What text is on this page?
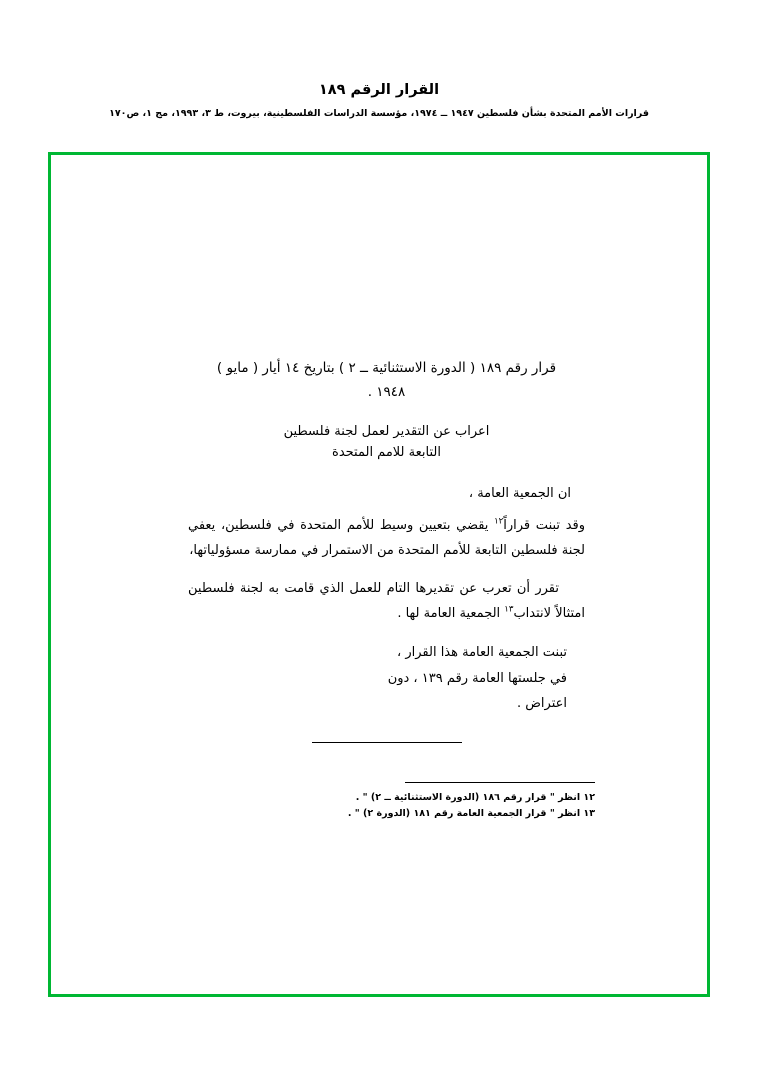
القرار الرقم ١٨٩
قرارات الأمم المتحدة بشأن فلسطين ١٩٤٧ ــ ١٩٧٤، مؤسسة الدراسات الفلسطينية، بيروت، ط ٣، ١٩٩٣، مج ١، ص١٧٠
قرار رقم ١٨٩ ( الدورة الاستثنائية ــ ٢ ) بتاريخ ١٤ أيار ( مايو )
١٩٤٨ .
اعراب عن التقدير لعمل لجنة فلسطين
التابعة للامم المتحدة
ان الجمعية العامة ،
وقد تبنت قراراً$^{١٢}$ يقضي بتعيين وسيط للأمم المتحدة في فلسطين، يعفي لجنة فلسطين التابعة للأمم المتحدة من الاستمرار في ممارسة مسؤولياتها،
تقرر أن تعرب عن تقديرها التام للعمل الذي قامت به لجنة فلسطين امتثالاً لانتداب$^{١٣}$ الجمعية العامة لها .
تبنت الجمعية العامة هذا القرار ،
في جلستها العامة رقم ١٣٩ ، دون
اعتراض .
١٢ انظر " قرار رقم ١٨٦ (الدورة الاستثنائية ــ ٢) " .
١٣ انظر " قرار الجمعية العامة رقم ١٨١ (الدورة ٢) " .
